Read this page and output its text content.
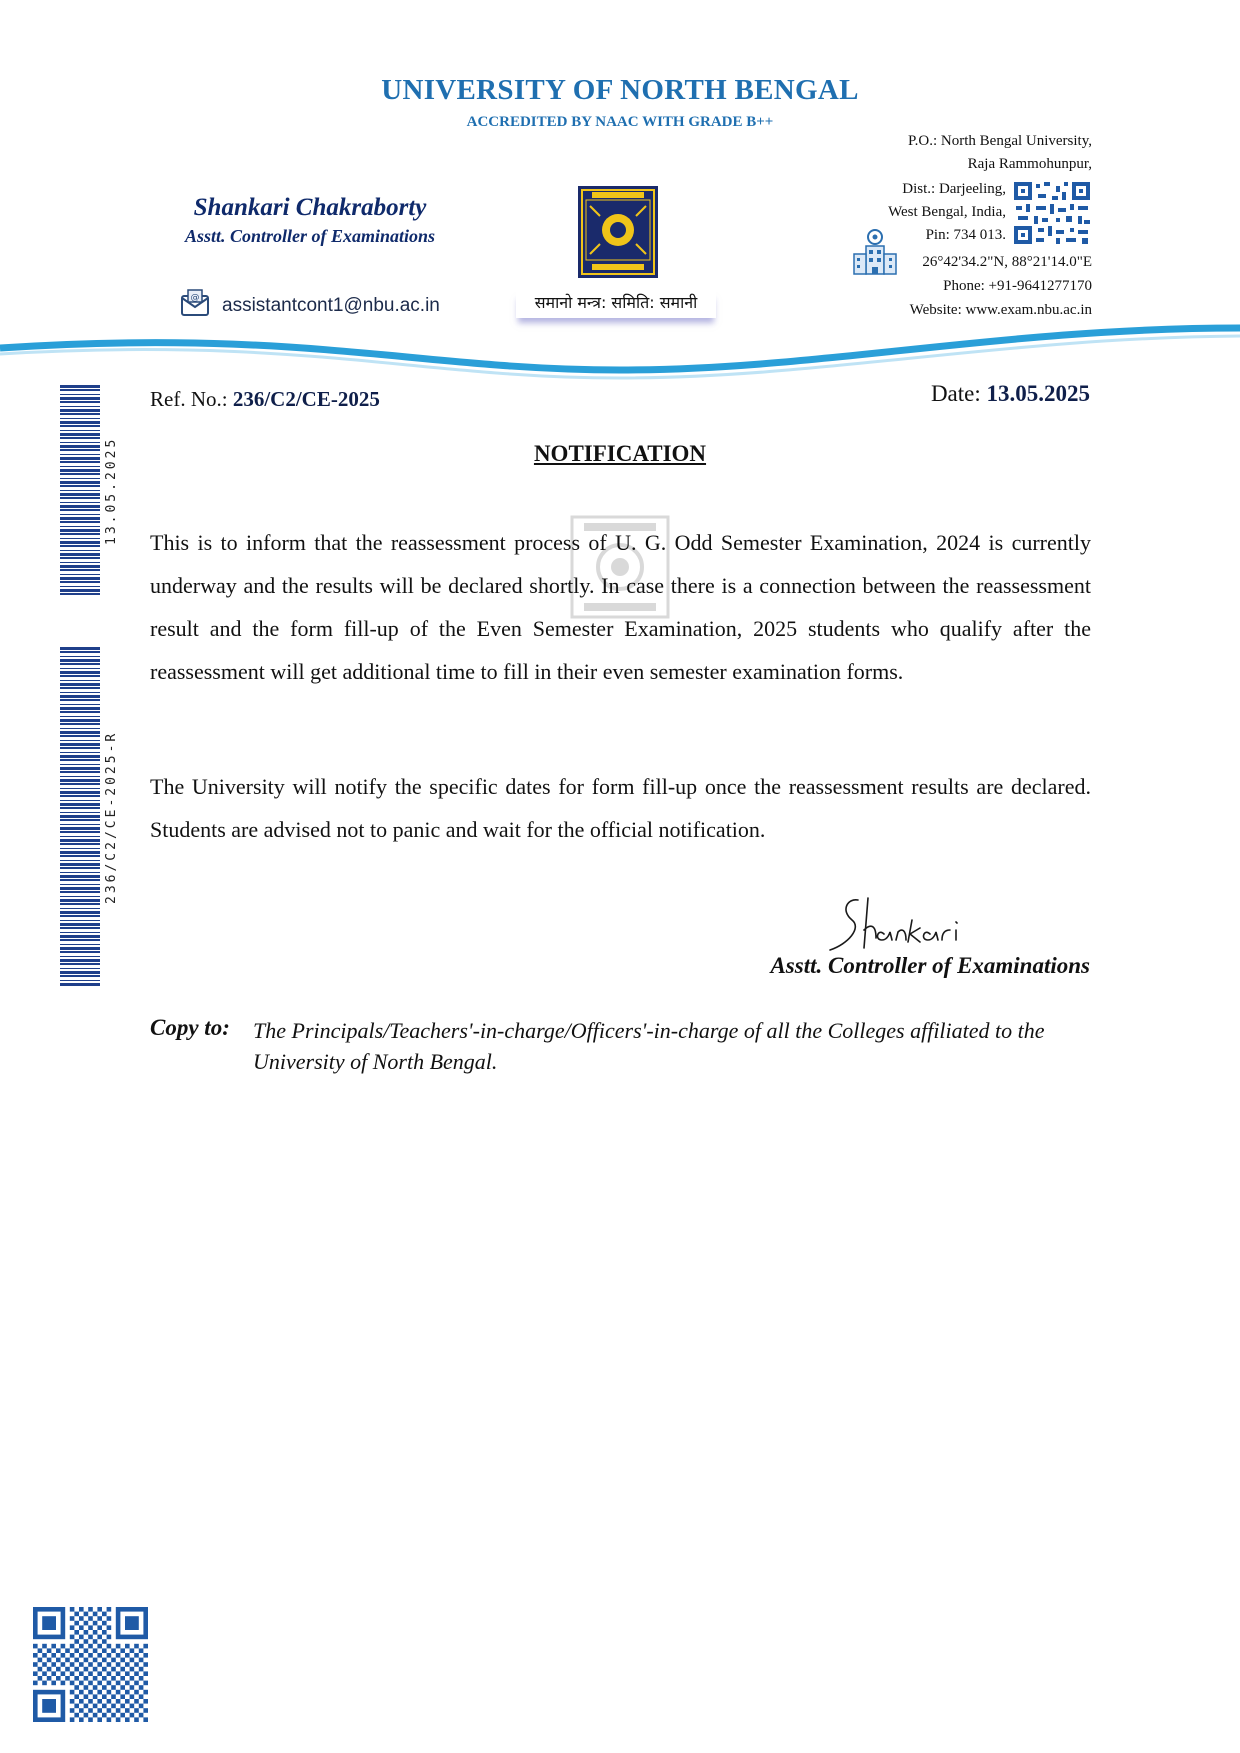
UNIVERSITY OF NORTH BENGAL
ACCREDITED BY NAAC WITH GRADE B++
Shankari Chakraborty
Asstt. Controller of Examinations
@ assistantcont1@nbu.ac.in	समानो मन्त्र: समिति: समानी
P.O.: North Bengal University,
Raja Rammohunpur,
Dist.: Darjeeling,
West Bengal, India,
Pin: 734 013.
26°42'34.2"N, 88°21'14.0"E
Phone: +91-9641277170
Website: www.exam.nbu.ac.in
13.05.2025
236/C2/CE-2025-R
Ref. No.: 236/C2/CE-2025	Date: 13.05.2025
NOTIFICATION
This is to inform that the reassessment process of U. G. Odd Semester Examination, 2024 is currently underway and the results will be declared shortly. In case there is a connection between the reassessment result and the form fill-up of the Even Semester Examination, 2025 students who qualify after the reassessment will get additional time to fill in their even semester examination forms.
The University will notify the specific dates for form fill-up once the reassessment results are declared. Students are advised not to panic and wait for the official notification.
Asstt. Controller of Examinations
Copy to: The Principals/Teachers'-in-charge/Officers'-in-charge of all the Colleges affiliated to the University of North Bengal.
